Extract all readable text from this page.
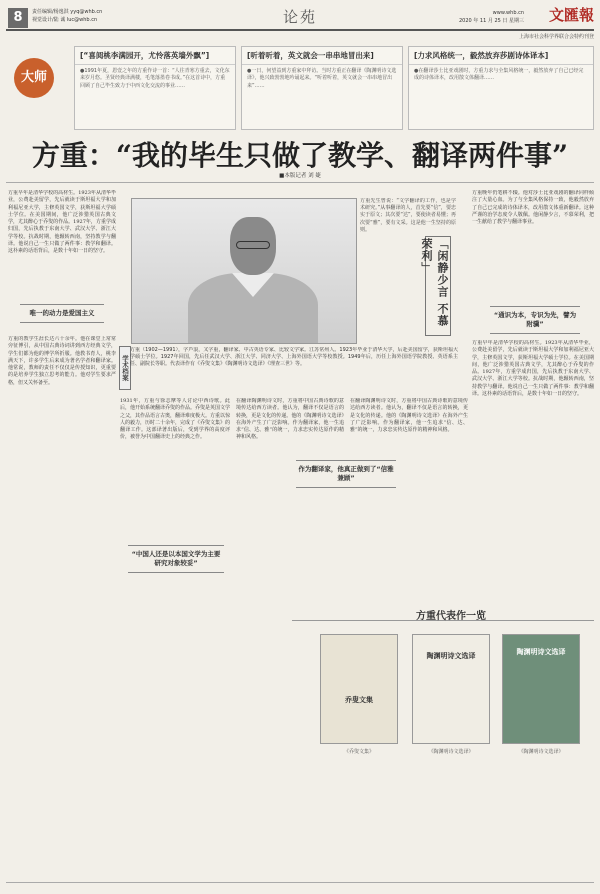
8	责任编辑/杨逸淇 yyq@whb.cn
视觉设计/陆 诚 luc@whb.cn	论苑	www.whb.cn
2020 年 11 月 25 日 星期三	文匯報
上海市社会科学界联合会特约刊登
大师
[“喜阅桃李满园开，尤怜落英墙外飘”]
●1991年夏，恩壹之年的方重作诗一首：“人往青寒方重去，文化东来岁月悠。圣贤经典译满楼，毛笔落墨卷书成。”在这首诗中，方重回顾了自己毕生致力于中西文化交流的事业……
[听着听着，英文就会一串串地冒出来]
●一日，何望益到方重家中拜访。当时方重正在翻译《陶渊明诗文选译》，他兴致勃勃地吟诵起来。“听着听着，英文就会一串串地冒出来”……
[力求风格统一，毅然放弃莎剧诗体译本]
●在翻译莎士比亚戏剧时，方重力求与全集风格统一，毅然放弃了自己已经完成的诗体译本，改用散文体翻译……
方重：“我的毕生只做了教学、翻译两件事”
■本版记者 刘 婕
方重早年是清华学校的高材生。1923年从清华毕业，公费赴美留学，先后就读于斯坦福大学和加利福尼亚大学，主修英国文学，获斯坦福大学硕士学位。在美国期间，他广泛涉猎英国古典文学，尤其醉心于乔叟的作品。1927年，方重学成归国，先后执教于东南大学、武汉大学、浙江大学等校。抗战时期，他辗转西南，坚持教学与翻译。他说自己一生只做了两件事：教学和翻译。这朴素的话语背后，是数十年如一日的坚守。
唯一的动力是爱国主义
方重的教学生涯长达六十余年。他在课堂上常常旁征博引，从中国古典诗词讲到西方经典文学，学生们都为他的博学所折服。他教书育人，桃李满天下，许多学生后来成为著名学者和翻译家。他常说，教师的责任不仅仅是传授知识，更重要的是培养学生独立思考的能力。他对学生要求严格，但又关怀备至。
方重先生曾说：“文学翻译的工作，也是学术研究。”从事翻译的人，首先要“信”，要忠实于原文；其次要“达”，要使读者易懂；再次要“雅”，要有文采。这是他一生坚持的原则。
「闲静少言 不慕荣利」
学术档案
方重（1902—1991），字芦浪，又字重，翻译家、中古英语专家、比较文学家。江苏常州人。1923年毕业于清华大学，后赴美国留学，获斯坦福大学硕士学位。1927年回国，先后任武汉大学、浙江大学、同济大学、上海外国语大学等校教授。1949年后，历任上海外国语学院教授、英语系主任、副院长等职。代表译作有《乔叟文集》《陶渊明诗文选译》《理查三世》等。
1931年，方重与徐志摩等人讨论中西诗歌。此后，他开始系统翻译乔叟的作品。乔叟是英国文学之父，其作品语言古奥，翻译难度极大。方重以惊人的毅力，历时二十余年，完成了《乔叟文集》的翻译工作。这部译著出版后，受到学界的高度评价，被誉为中国翻译史上的经典之作。
“中国人还是以本国文学为主要研究对象较妥”
在翻译陶渊明诗文时，方重将中国古典诗歌的意境传达给西方读者。他认为，翻译不仅是语言的转换，更是文化的传递。他的《陶渊明诗文选译》在海外产生了广泛影响。作为翻译家，他一生追求“信、达、雅”的统一，力求忠实传达原作的精神和风格。
作为翻译家，他真正做到了“信雅兼顾”
在翻译陶渊明诗文时，方重将中国古典诗歌的意境传达给西方读者。他认为，翻译不仅是语言的转换，更是文化的传递。他的《陶渊明诗文选译》在海外产生了广泛影响。作为翻译家，他一生追求“信、达、雅”的统一，力求忠实传达原作的精神和风格。
方重晚年仍笔耕不辍。他对莎士比亚戏剧的翻译同样倾注了大量心血。为了与全集风格保持一致，他毅然放弃了自己已完成的诗体译本，改用散文体重新翻译。这种严谨的治学态度令人敬佩。他闲静少言，不慕荣利，把一生献给了教学与翻译事业。
“通识为本，专识为先，譬为附骥”
方重早年是清华学校的高材生。1923年从清华毕业，公费赴美留学，先后就读于斯坦福大学和加利福尼亚大学，主修英国文学，获斯坦福大学硕士学位。在美国期间，他广泛涉猎英国古典文学，尤其醉心于乔叟的作品。1927年，方重学成归国，先后执教于东南大学、武汉大学、浙江大学等校。抗战时期，他辗转西南，坚持教学与翻译。他说自己一生只做了两件事：教学和翻译。这朴素的话语背后，是数十年如一日的坚守。
方重代表作一览
乔叟文集
《乔叟文集》
陶渊明诗文选译
《陶渊明诗文选译》
陶渊明诗文选译
《陶渊明诗文选译》
